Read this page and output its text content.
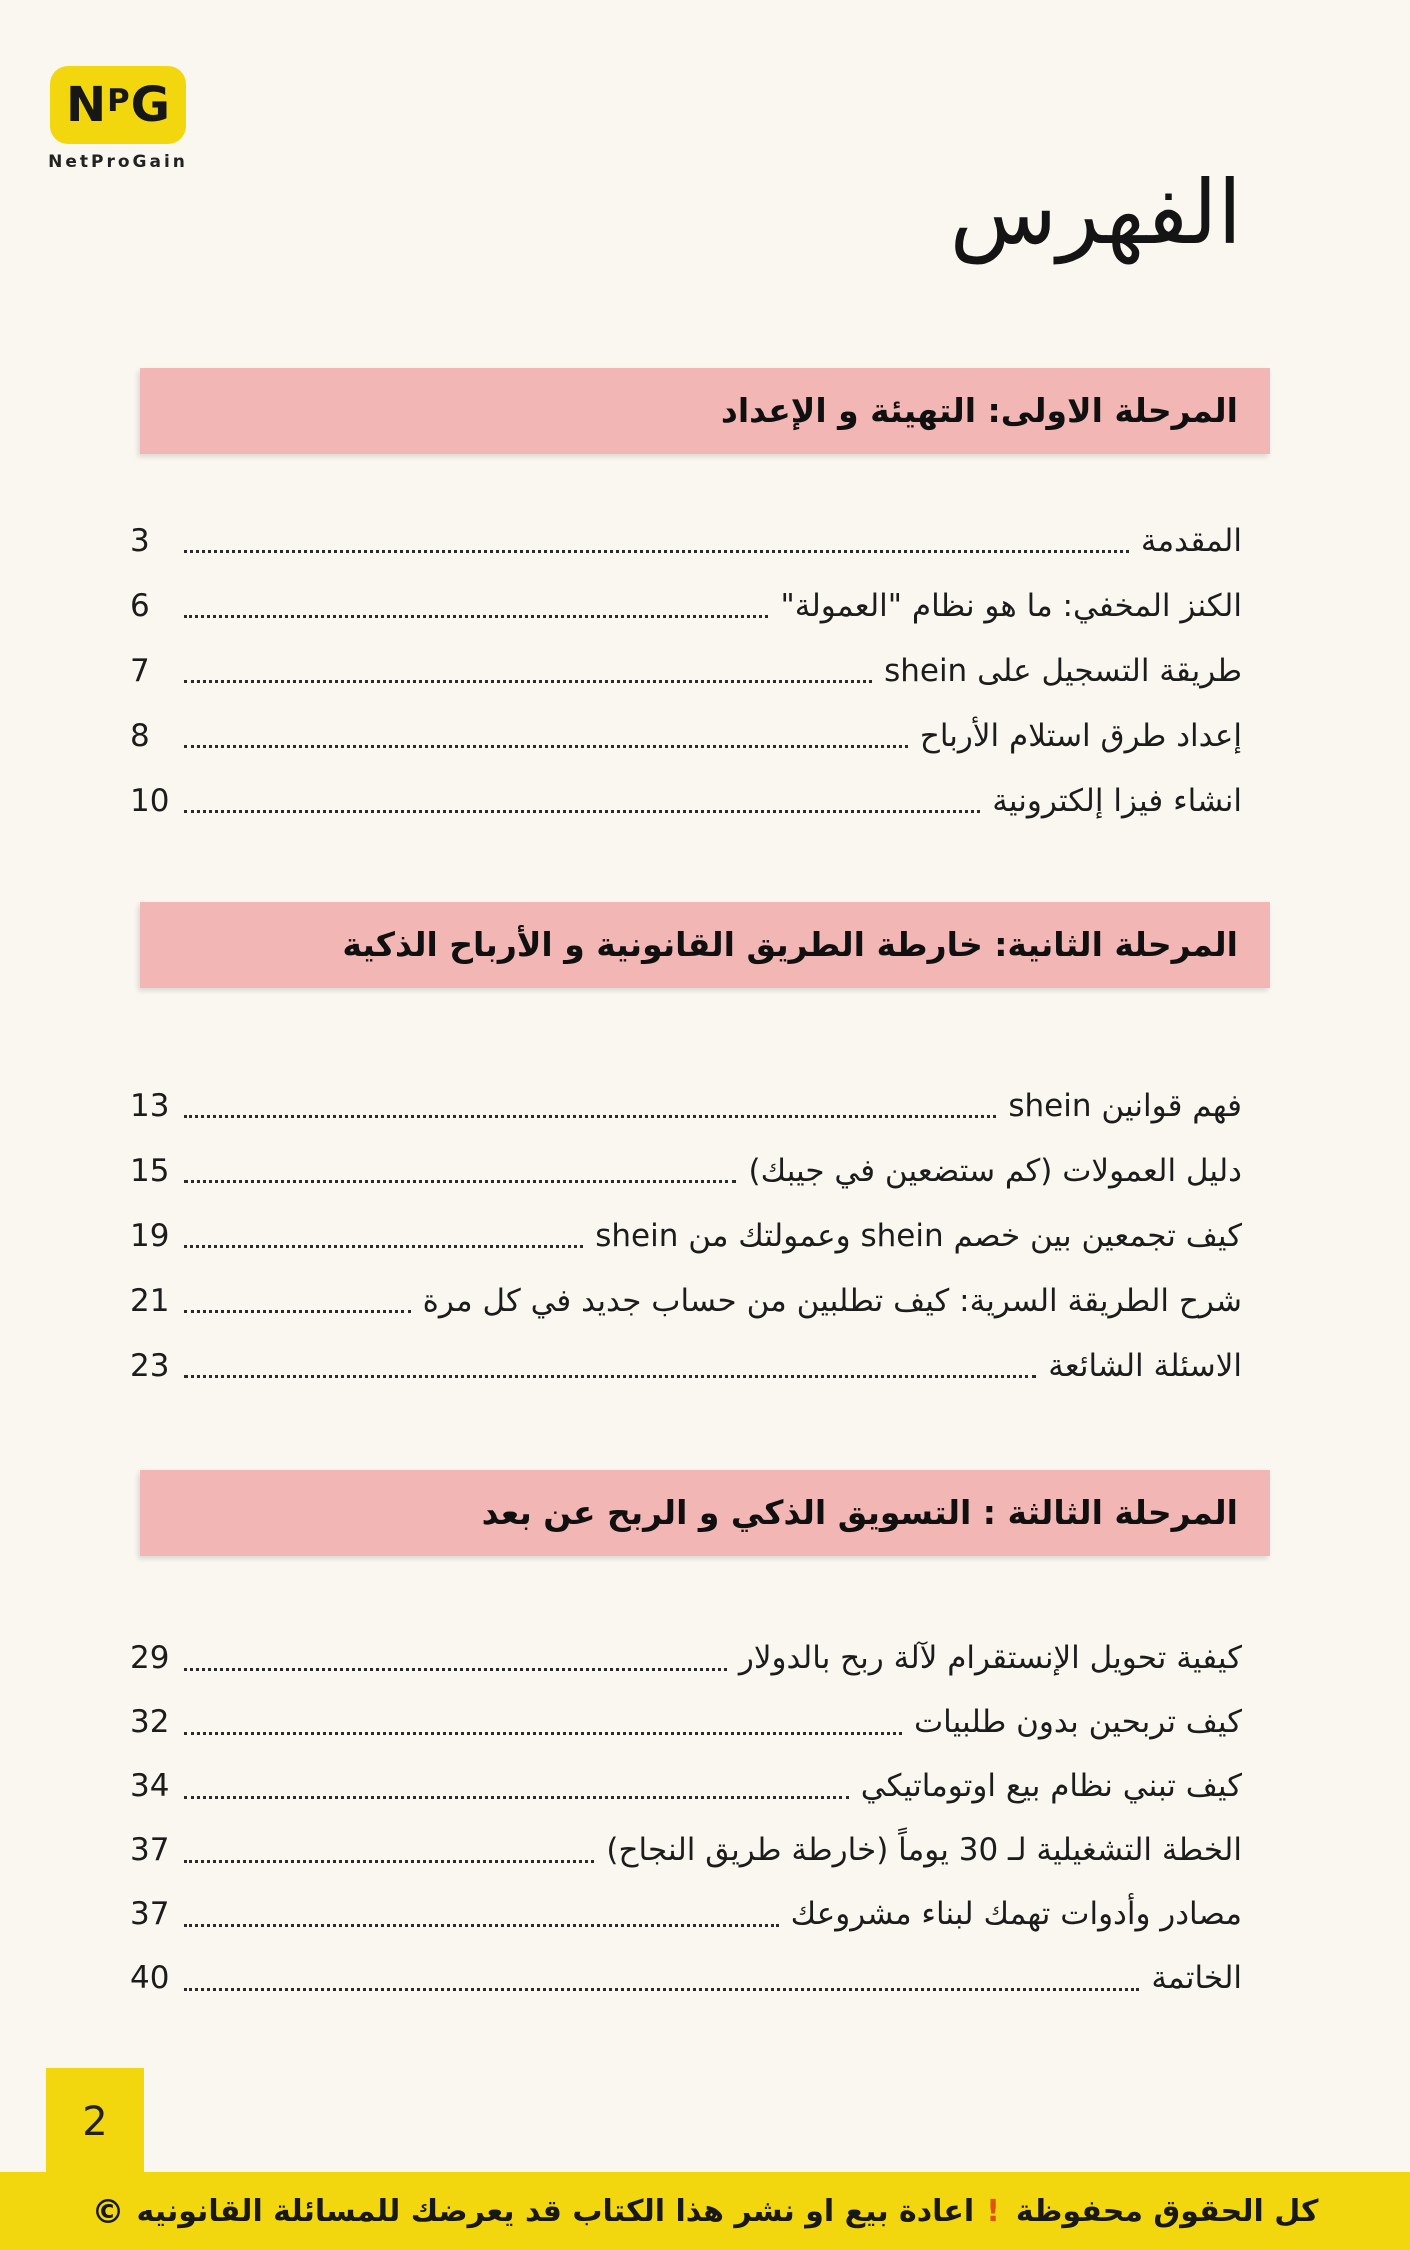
$N^PG$
NetProGain	الفهرس
المرحلة الاولى: التهيئة و الإعداد
المقدمة
3
الكنز المخفي: ما هو نظام "العمولة"
6
طريقة التسجيل على shein
7
إعداد طرق استلام الأرباح
8
انشاء فيزا إلكترونية
10
المرحلة الثانية: خارطة الطريق القانونية و الأرباح الذكية
فهم قوانين shein
13
دليل العمولات (كم ستضعين في جيبك)
15
كيف تجمعين بين خصم shein وعمولتك من shein
19
شرح الطريقة السرية: كيف تطلبين من حساب جديد في كل مرة
21
الاسئلة الشائعة
23
المرحلة الثالثة : التسويق الذكي و الربح عن بعد
كيفية تحويل الإنستقرام لآلة ربح بالدولار
29
كيف تربحين بدون طلبيات
32
كيف تبني نظام بيع اوتوماتيكي
34
الخطة التشغيلية لـ 30 يوماً (خارطة طريق النجاح)
37
مصادر وأدوات تهمك لبناء مشروعك
37
الخاتمة
40
2
كل الحقوق محفوظة
!
اعادة بيع او نشر هذا الكتاب قد يعرضك للمسائلة القانونيه
©
